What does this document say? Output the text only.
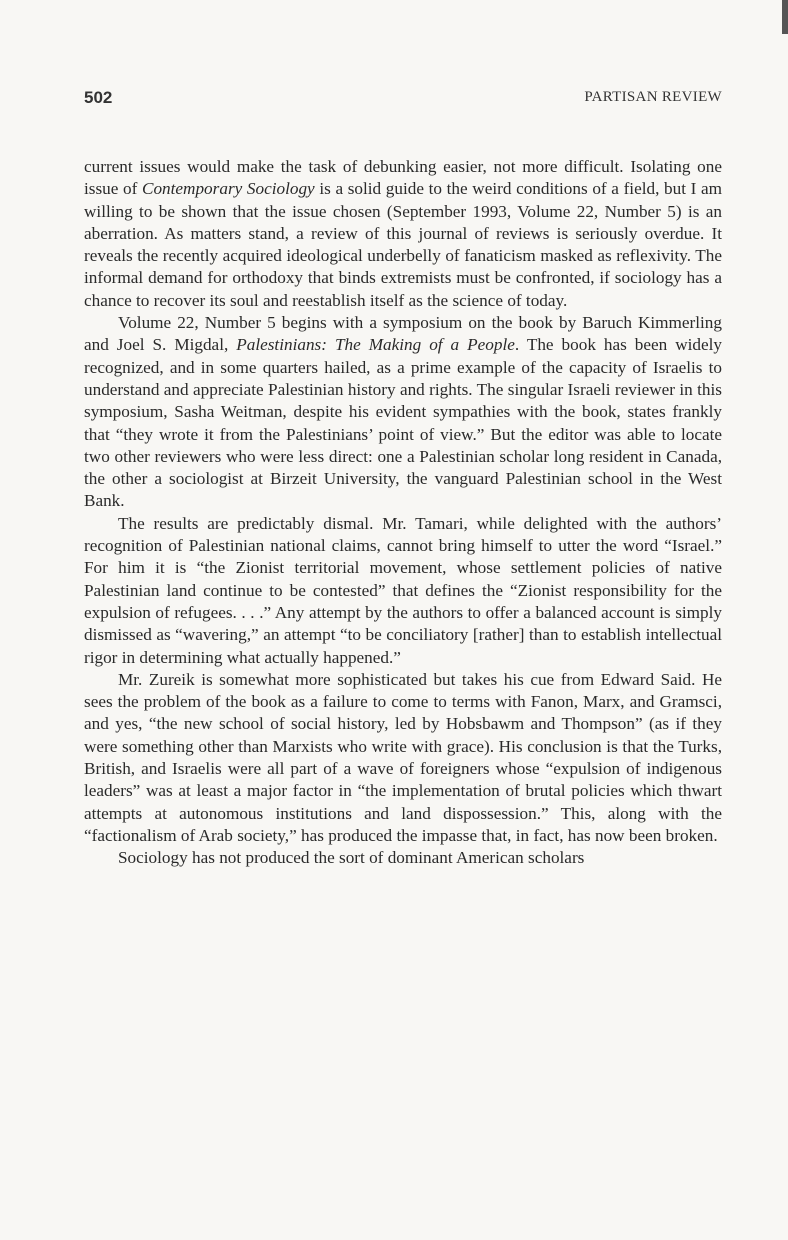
502	PARTISAN REVIEW

current issues would make the task of debunking easier, not more difficult. Isolating one issue of Contemporary Sociology is a solid guide to the weird conditions of a field, but I am willing to be shown that the issue chosen (September 1993, Volume 22, Number 5) is an aberration. As matters stand, a review of this journal of reviews is seriously overdue. It reveals the recently acquired ideological underbelly of fanaticism masked as reflexivity. The informal demand for orthodoxy that binds extremists must be confronted, if sociology has a chance to recover its soul and reestablish itself as the science of today.

Volume 22, Number 5 begins with a symposium on the book by Baruch Kimmerling and Joel S. Migdal, Palestinians: The Making of a People. The book has been widely recognized, and in some quarters hailed, as a prime example of the capacity of Israelis to understand and appreciate Palestinian history and rights. The singular Israeli reviewer in this symposium, Sasha Weitman, despite his evident sympathies with the book, states frankly that “they wrote it from the Palestinians’ point of view.” But the editor was able to locate two other reviewers who were less direct: one a Palestinian scholar long resident in Canada, the other a sociologist at Birzeit University, the vanguard Palestinian school in the West Bank.

The results are predictably dismal. Mr. Tamari, while delighted with the authors’ recognition of Palestinian national claims, cannot bring himself to utter the word “Israel.” For him it is “the Zionist territorial movement, whose settlement policies of native Palestinian land continue to be contested” that defines the “Zionist responsibility for the expulsion of refugees. . . .” Any attempt by the authors to offer a balanced account is simply dismissed as “wavering,” an attempt “to be conciliatory [rather] than to establish intellectual rigor in determining what actually happened.”

Mr. Zureik is somewhat more sophisticated but takes his cue from Edward Said. He sees the problem of the book as a failure to come to terms with Fanon, Marx, and Gramsci, and yes, “the new school of social history, led by Hobsbawm and Thompson” (as if they were something other than Marxists who write with grace). His conclusion is that the Turks, British, and Israelis were all part of a wave of foreigners whose “expulsion of indigenous leaders” was at least a major factor in “the implementation of brutal policies which thwart attempts at autonomous institutions and land dispossession.” This, along with the “factionalism of Arab society,” has produced the impasse that, in fact, has now been broken.

Sociology has not produced the sort of dominant American scholars
